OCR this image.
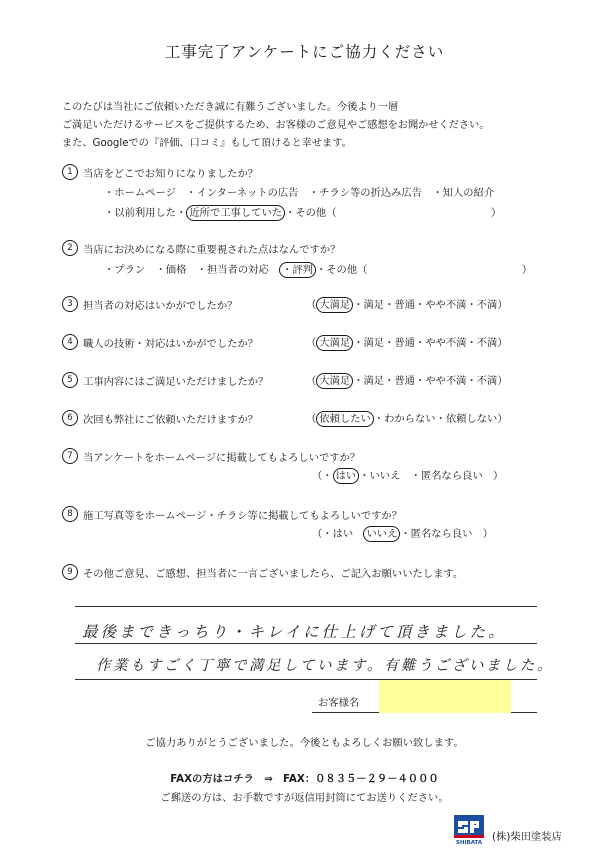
工事完了アンケートにご協力ください
このたびは当社にご依頼いただき誠に有難うございました。今後より一層
ご満足いただけるサービスをご提供するため、お客様のご意見やご感想をお聞かせください。
また、Googleでの『評価、口コミ』もして頂けると幸せます。
1 当店をどこでお知りになりましたか？
・ホームページ　・インターネットの広告　・チラシ等の折込み広告　・知人の紹介
・以前利用した・ 近所で工事していた ・その他（　　　　　　　　　　　　　　　）
2 当店にお決めになる際に重要視された点はなんですか？
・プラン　・価格　・担当者の対応　・評判 ・その他（　　　　　　　　　　　　　　　）
3 担当者の対応はいかがでしたか？	（ 大満足 ・満足・普通・やや不満・不満）
4 職人の技術・対応はいかがでしたか？	（ 大満足 ・満足・普通・やや不満・不満）
5 工事内容にはご満足いただけましたか？	（ 大満足 ・満足・普通・やや不満・不満）
6 次回も弊社にご依頼いただけますか？	（ 依頼したい ・わからない・依頼しない）
7 当アンケートをホームページに掲載してもよろしいですか？
（・ はい ・いいえ　・匿名なら良い　）
8 施工写真等をホームページ・チラシ等に掲載してもよろしいですか？
（・はい　いいえ ・匿名なら良い　）
9 その他ご意見、ご感想、担当者に一言ございましたら、ご記入お願いいたします。
最後まできっちり・キレイに仕上げて頂きました。
作業もすごく丁寧で満足しています。有難うございました。
お客様名
ご協力ありがとうございました。今後ともよろしくお願い致します。
FAXの方はコチラ　⇒　FAX：０８３５－２９－４０００
ご郵送の方は、お手数ですが返信用封筒にてお送りください。
SHIBATA (株)柴田塗装店
